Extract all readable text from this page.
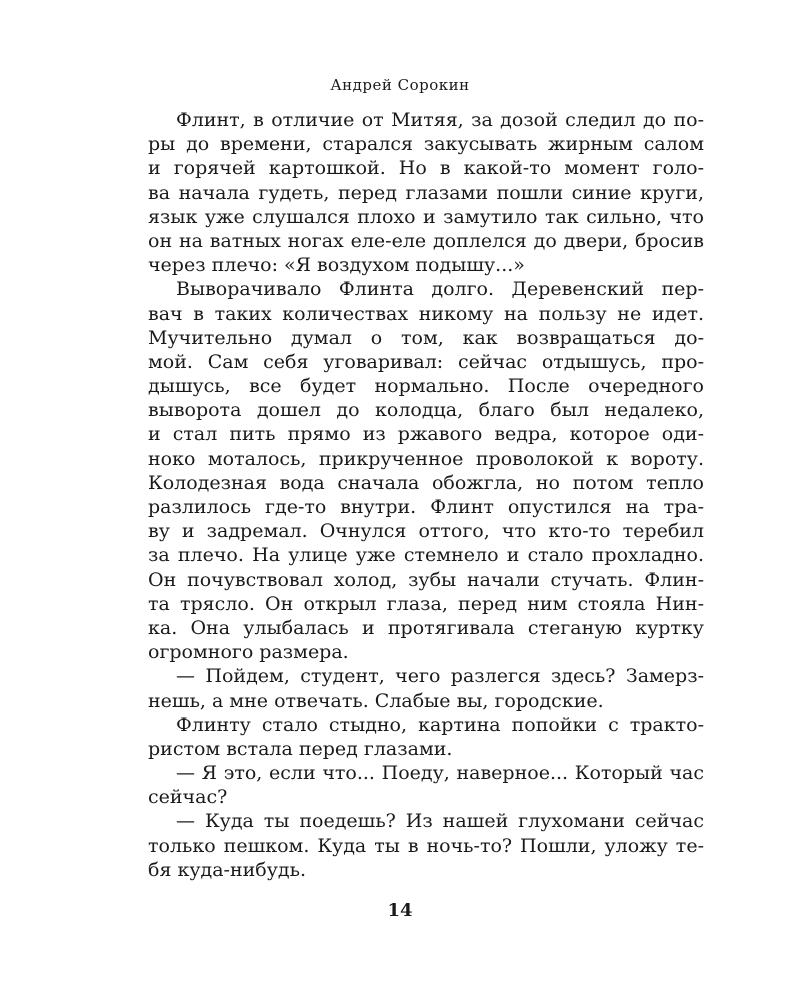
Андрей Сорокин
Флинт, в отличие от Митяя, за дозой следил до по-
ры до времени, старался закусывать жирным салом
и горячей картошкой. Но в какой-то момент голо-
ва начала гудеть, перед глазами пошли синие круги,
язык уже слушался плохо и замутило так сильно, что
он на ватных ногах еле-еле доплелся до двери, бросив
через плечо: «Я воздухом подышу...»
Выворачивало Флинта долго. Деревенский пер-
вач в таких количествах никому на пользу не идет.
Мучительно думал о том, как возвращаться до-
мой. Сам себя уговаривал: сейчас отдышусь, про-
дышусь, все будет нормально. После очередного
выворота дошел до колодца, благо был недалеко,
и стал пить прямо из ржавого ведра, которое оди-
ноко моталось, прикрученное проволокой к вороту.
Колодезная вода сначала обожгла, но потом тепло
разлилось где-то внутри. Флинт опустился на тра-
ву и задремал. Очнулся оттого, что кто-то теребил
за плечо. На улице уже стемнело и стало прохладно.
Он почувствовал холод, зубы начали стучать. Флин-
та трясло. Он открыл глаза, перед ним стояла Нин-
ка. Она улыбалась и протягивала стеганую куртку
огромного размера.
— Пойдем, студент, чего разлегся здесь? Замерз-
нешь, а мне отвечать. Слабые вы, городские.
Флинту стало стыдно, картина попойки с тракто-
ристом встала перед глазами.
— Я это, если что... Поеду, наверное... Который час
сейчас?
— Куда ты поедешь? Из нашей глухомани сейчас
только пешком. Куда ты в ночь-то? Пошли, уложу те-
бя куда-нибудь.
14
